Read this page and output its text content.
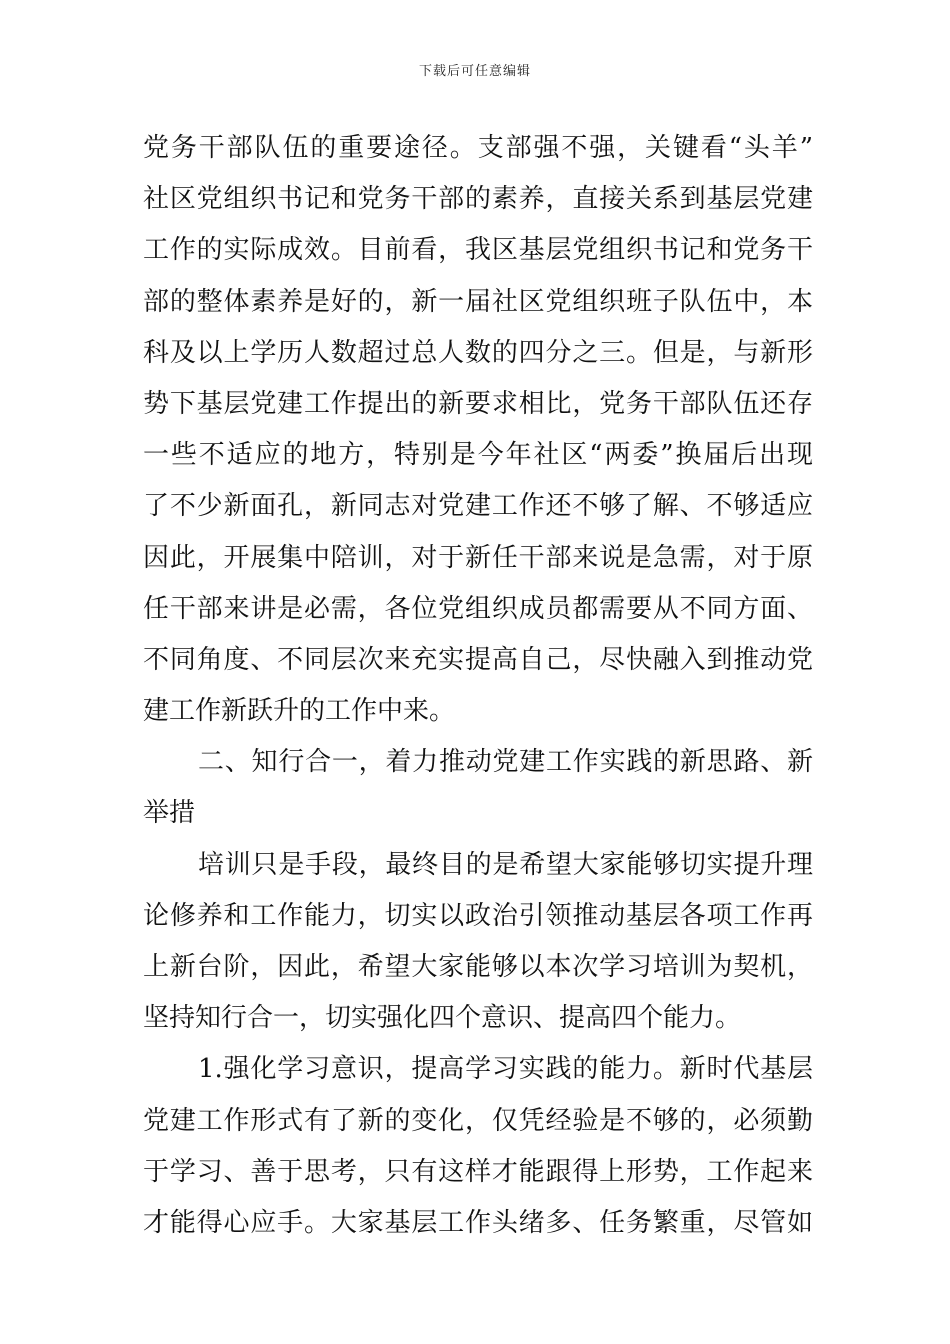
下载后可任意编辑
党务干部队伍的重要途径。支部强不强，关键看“头羊”
社区党组织书记和党务干部的素养，直接关系到基层党建
工作的实际成效。目前看，我区基层党组织书记和党务干
部的整体素养是好的，新一届社区党组织班子队伍中，本
科及以上学历人数超过总人数的四分之三。但是，与新形
势下基层党建工作提出的新要求相比，党务干部队伍还存
一些不适应的地方，特别是今年社区“两委”换届后出现
了不少新面孔，新同志对党建工作还不够了解、不够适应
因此，开展集中陪训，对于新任干部来说是急需，对于原
任干部来讲是必需，各位党组织成员都需要从不同方面、
不同角度、不同层次来充实提高自己，尽快融入到推动党
建工作新跃升的工作中来。
二、知行合一，着力推动党建工作实践的新思路、新
举措
培训只是手段，最终目的是希望大家能够切实提升理
论修养和工作能力，切实以政治引领推动基层各项工作再
上新台阶，因此，希望大家能够以本次学习培训为契机，
坚持知行合一，切实强化四个意识、提高四个能力。
1.强化学习意识，提高学习实践的能力。新时代基层
党建工作形式有了新的变化，仅凭经验是不够的，必须勤
于学习、善于思考，只有这样才能跟得上形势，工作起来
才能得心应手。大家基层工作头绪多、任务繁重，尽管如
